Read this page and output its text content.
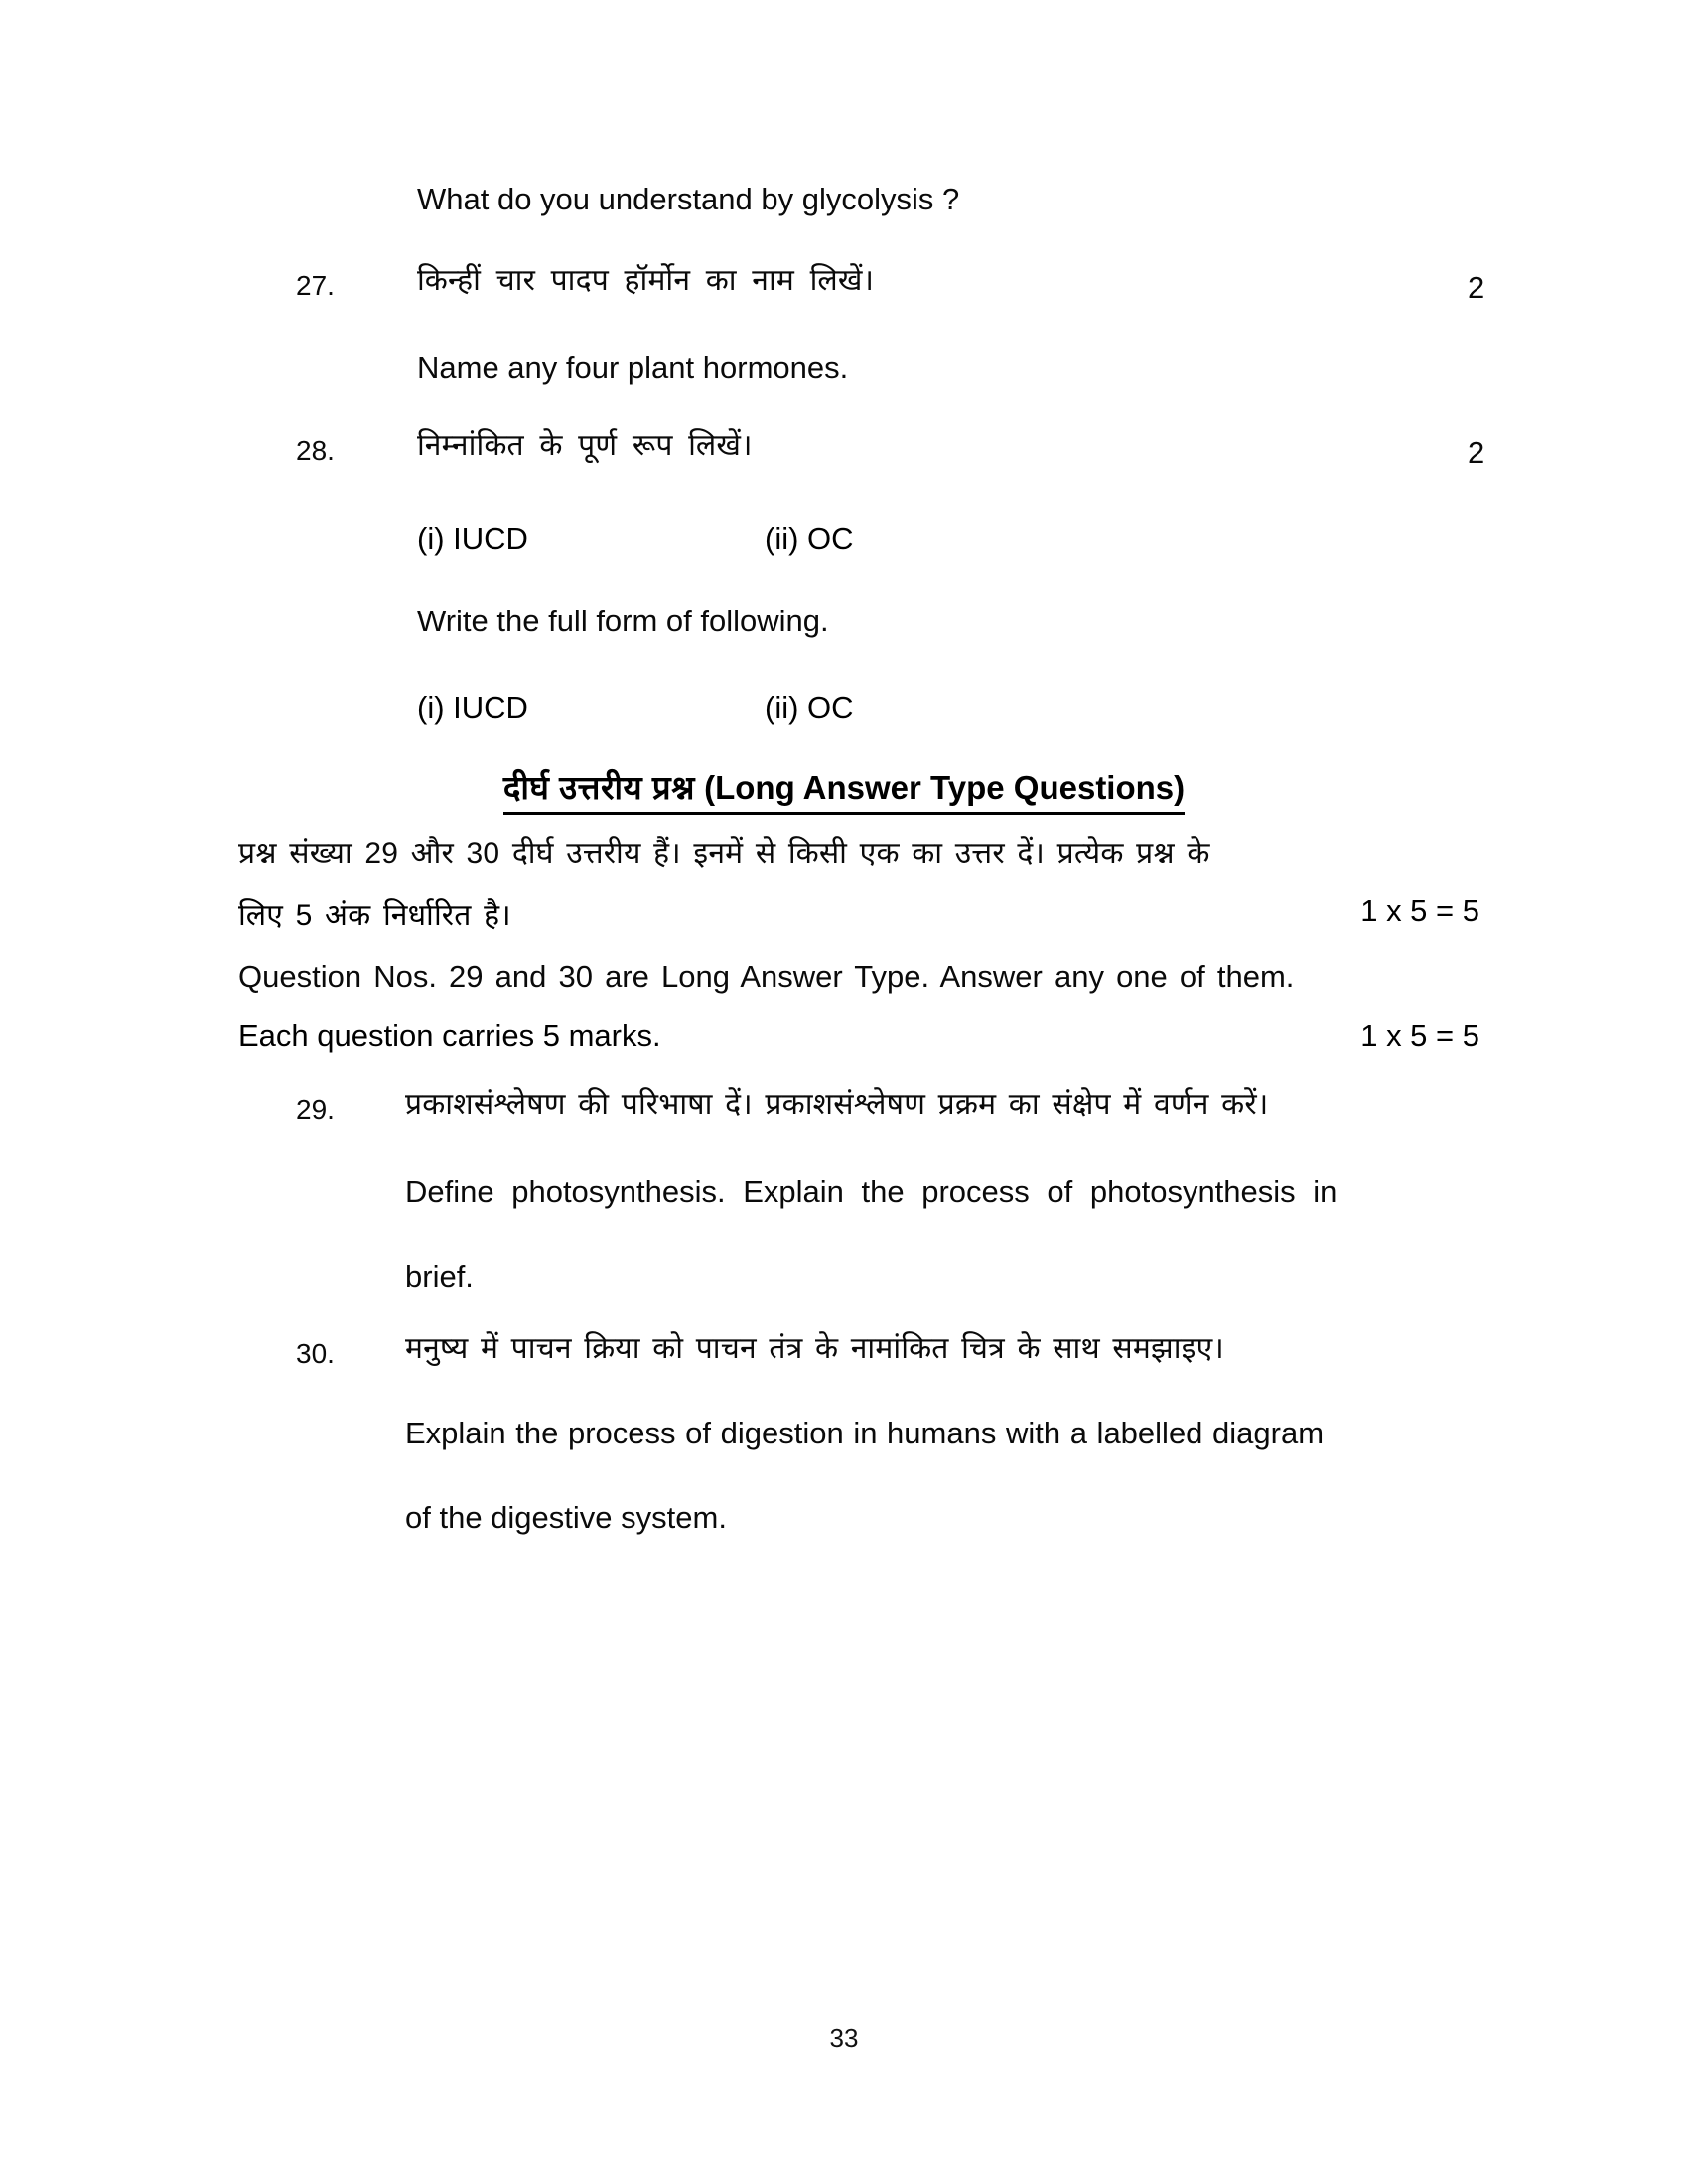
What do you understand by glycolysis ?
27.	किन्हीं चार पादप हॉर्मोन का नाम लिखें।	2
Name any four plant hormones.
28.	निम्नांकित के पूर्ण रूप लिखें।	2
(i) IUCD	(ii) OC
Write the full form of following.
(i) IUCD	(ii) OC
दीर्घ उत्तरीय प्रश्न (Long Answer Type Questions)
प्रश्न संख्या 29 और 30 दीर्घ उत्तरीय हैं। इनमें से किसी एक का उत्तर दें। प्रत्येक प्रश्न के
लिए 5 अंक निर्धारित है।	1 x 5 = 5
Question Nos. 29 and 30 are Long Answer Type. Answer any one of them.
Each question carries 5 marks.	1 x 5 = 5
29. प्रकाशसंश्लेषण की परिभाषा दें। प्रकाशसंश्लेषण प्रक्रम का संक्षेप में वर्णन करें।
Define photosynthesis. Explain the process of photosynthesis in
brief.
30. मनुष्य में पाचन क्रिया को पाचन तंत्र के नामांकित चित्र के साथ समझाइए।
Explain the process of digestion in humans with a labelled diagram
of the digestive system.
33
